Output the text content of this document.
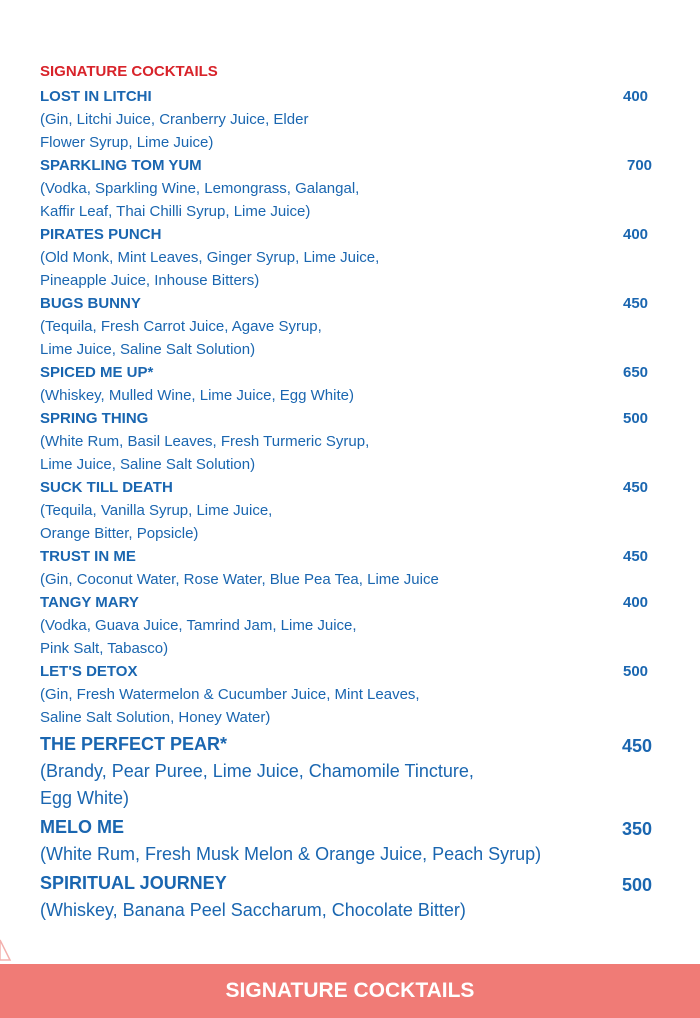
SIGNATURE COCKTAILS
LOST IN LITCHI	400
(Gin, Litchi Juice, Cranberry Juice, Elder
Flower Syrup, Lime Juice)
SPARKLING TOM YUM	700
(Vodka, Sparkling Wine, Lemongrass, Galangal,
Kaffir Leaf, Thai Chilli Syrup, Lime Juice)
PIRATES PUNCH	400
(Old Monk, Mint Leaves, Ginger Syrup, Lime Juice,
Pineapple Juice, Inhouse Bitters)
BUGS BUNNY	450
(Tequila, Fresh Carrot Juice, Agave Syrup,
Lime Juice, Saline Salt Solution)
SPICED ME UP*	650
(Whiskey, Mulled Wine, Lime Juice, Egg White)
SPRING THING	500
(White Rum, Basil Leaves, Fresh Turmeric Syrup,
Lime Juice, Saline Salt Solution)
SUCK TILL DEATH	450
(Tequila, Vanilla Syrup, Lime Juice,
Orange Bitter, Popsicle)
TRUST IN ME	450
(Gin, Coconut Water, Rose Water, Blue Pea Tea, Lime Juice
TANGY MARY	400
(Vodka, Guava Juice, Tamrind Jam, Lime Juice,
Pink Salt, Tabasco)
LET'S DETOX	500
(Gin, Fresh Watermelon & Cucumber Juice, Mint Leaves,
Saline Salt Solution, Honey Water)
THE PERFECT PEAR*	450
(Brandy, Pear Puree, Lime Juice, Chamomile Tincture,
Egg White)
MELO ME	350
(White Rum, Fresh Musk Melon & Orange Juice, Peach Syrup)
SPIRITUAL JOURNEY	500
(Whiskey, Banana Peel Saccharum, Chocolate Bitter)
SIGNATURE COCKTAILS
